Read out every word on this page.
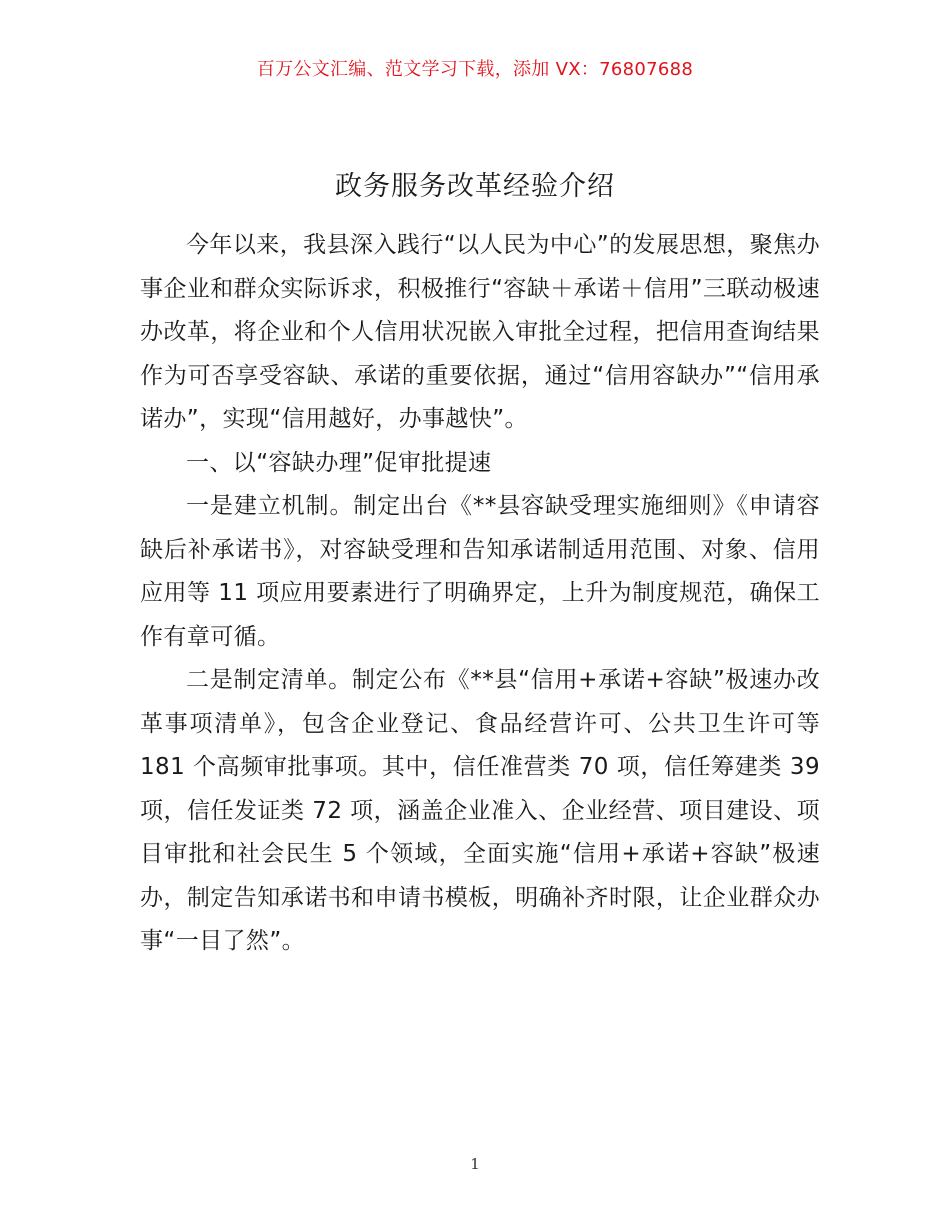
百万公文汇编、范文学习下载，添加 VX：76807688
政务服务改革经验介绍

今年以来，我县深入践行“以人民为中心”的发展思想，聚焦办事企业和群众实际诉求，积极推行“容缺＋承诺＋信用”三联动极速办改革，将企业和个人信用状况嵌入审批全过程，把信用查询结果作为可否享受容缺、承诺的重要依据，通过“信用容缺办”“信用承诺办”，实现“信用越好，办事越快”。

一、以“容缺办理”促审批提速

一是建立机制。制定出台《**县容缺受理实施细则》《申请容缺后补承诺书》，对容缺受理和告知承诺制适用范围、对象、信用应用等 11 项应用要素进行了明确界定，上升为制度规范，确保工作有章可循。

二是制定清单。制定公布《**县“信用+承诺+容缺”极速办改革事项清单》，包含企业登记、食品经营许可、公共卫生许可等 181 个高频审批事项。其中，信任准营类 70 项，信任筹建类 39 项，信任发证类 72 项，涵盖企业准入、企业经营、项目建设、项目审批和社会民生 5 个领域，全面实施“信用+承诺+容缺”极速办，制定告知承诺书和申请书模板，明确补齐时限，让企业群众办事“一目了然”。

1
